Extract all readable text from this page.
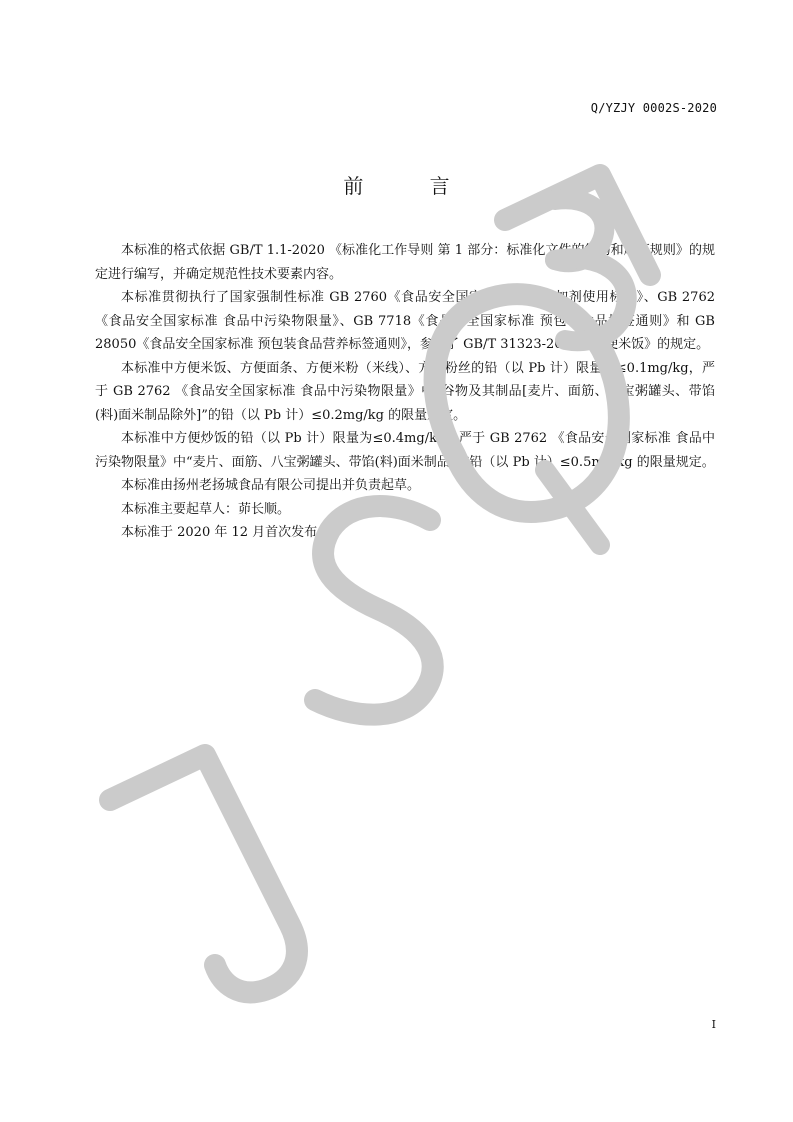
Q/YZJY 0002S-2020
前 言

本标准的格式依据 GB/T 1.1-2020 《标准化工作导则 第 1 部分：标准化文件的结构和起草规则》的规定进行编写，并确定规范性技术要素内容。

本标准贯彻执行了国家强制性标准 GB 2760《食品安全国家标准 食品添加剂使用标准》、GB 2762《食品安全国家标准 食品中污染物限量》、GB 7718《食品安全国家标准 预包装食品标签通则》和 GB 28050《食品安全国家标准 预包装食品营养标签通则》，参照了 GB/T 31323-2014《方便米饭》的规定。

本标准中方便米饭、方便面条、方便米粉（米线）、方便粉丝的铅（以 Pb 计）限量为≤0.1mg/kg，严于 GB 2762 《食品安全国家标准 食品中污染物限量》中“谷物及其制品[麦片、面筋、八宝粥罐头、带馅(料)面米制品除外]”的铅（以 Pb 计）≤0.2mg/kg 的限量规定。

本标准中方便炒饭的铅（以 Pb 计）限量为≤0.4mg/kg，严于 GB 2762 《食品安全国家标准 食品中污染物限量》中“麦片、面筋、八宝粥罐头、带馅(料)面米制品”的铅（以 Pb 计）≤0.5mg/kg 的限量规定。

本标准由扬州老扬城食品有限公司提出并负责起草。

本标准主要起草人：茆长顺。

本标准于 2020 年 12 月首次发布。

I
